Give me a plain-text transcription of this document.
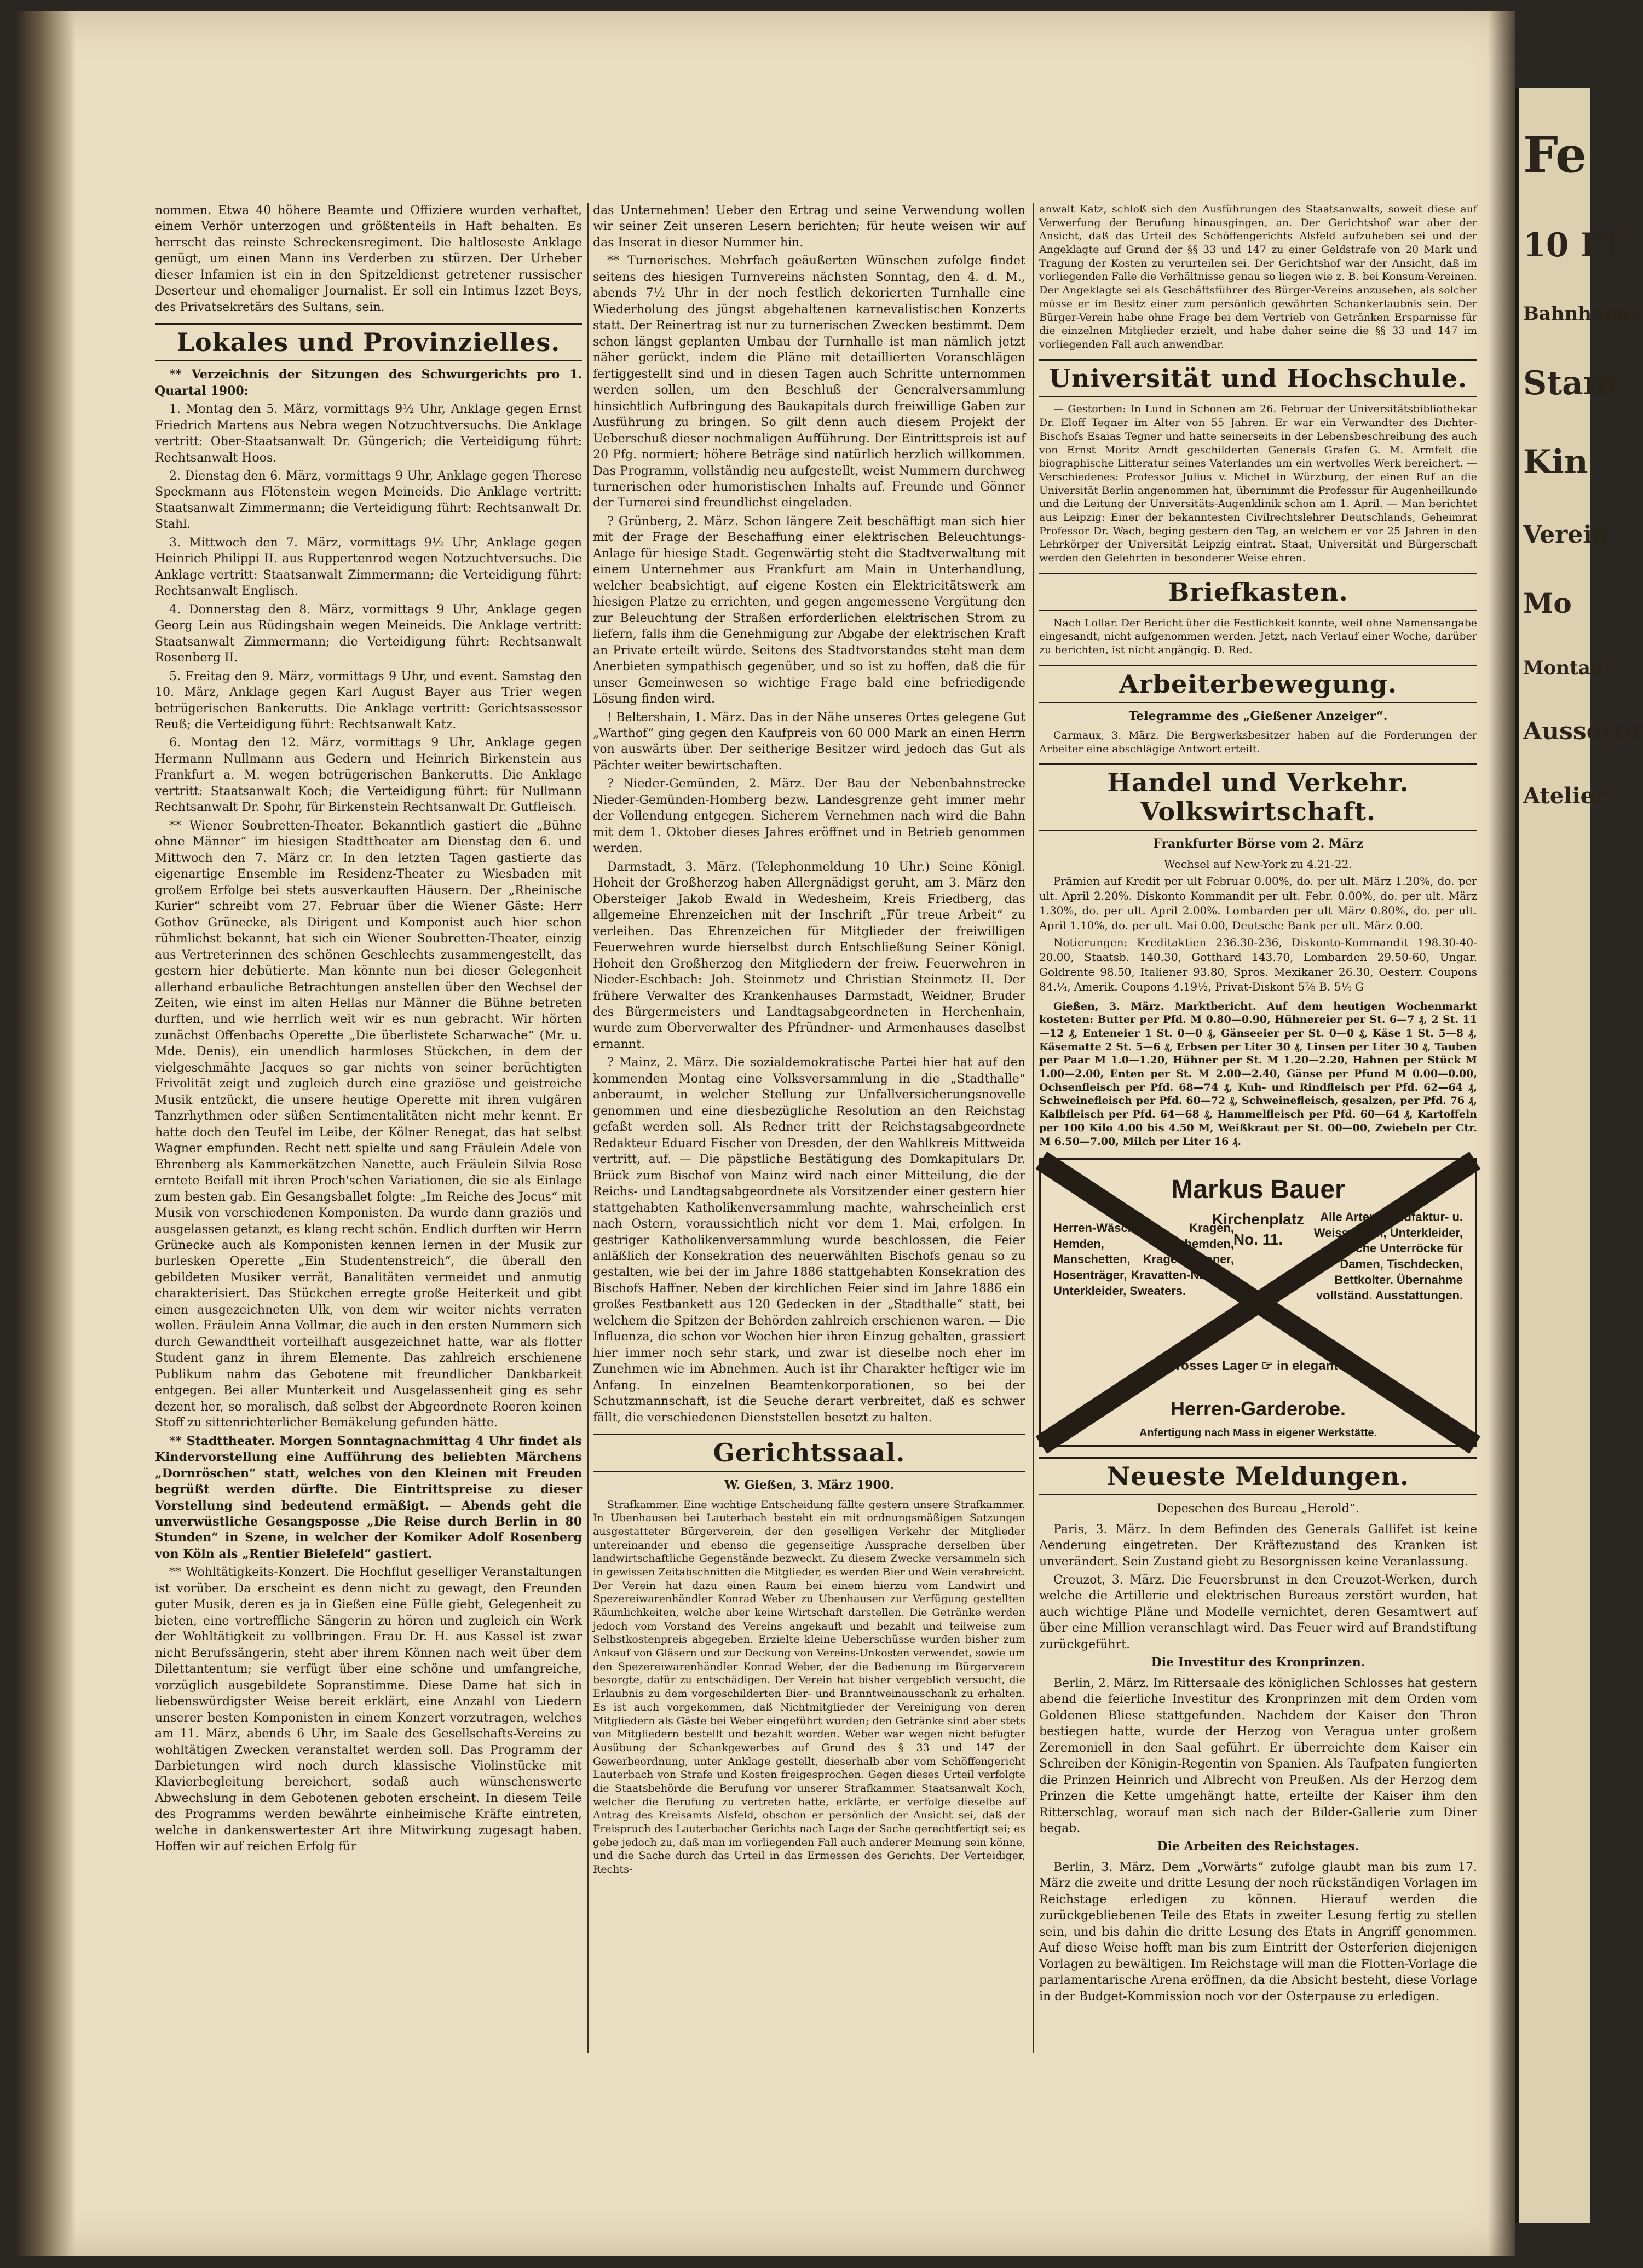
nommen. Etwa 40 höhere Beamte und Offiziere wurden verhaftet, einem Verhör unterzogen und größtenteils in Haft behalten. Es herrscht das reinste Schreckensregiment. Die haltloseste Anklage genügt, um einen Mann ins Verderben zu stürzen. Der Urheber dieser Infamien ist ein in den Spitzeldienst getretener russischer Deserteur und ehemaliger Journalist. Er soll ein Intimus Izzet Beys, des Privatsekretärs des Sultans, sein.

Lokales und Provinzielles.

** Verzeichnis der Sitzungen des Schwurgerichts pro 1. Quartal 1900:

1. Montag den 5. März, vormittags 9½ Uhr, Anklage gegen Ernst Friedrich Martens aus Nebra wegen Notzuchtversuchs. Die Anklage vertritt: Ober-Staatsanwalt Dr. Güngerich; die Verteidigung führt: Rechtsanwalt Hoos.

2. Dienstag den 6. März, vormittags 9 Uhr, Anklage gegen Therese Speckmann aus Flötenstein wegen Meineids. Die Anklage vertritt: Staatsanwalt Zimmermann; die Verteidigung führt: Rechtsanwalt Dr. Stahl.

3. Mittwoch den 7. März, vormittags 9½ Uhr, Anklage gegen Heinrich Philippi II. aus Ruppertenrod wegen Notzuchtversuchs. Die Anklage vertritt: Staatsanwalt Zimmermann; die Verteidigung führt: Rechtsanwalt Englisch.

4. Donnerstag den 8. März, vormittags 9 Uhr, Anklage gegen Georg Lein aus Rüdingshain wegen Meineids. Die Anklage vertritt: Staatsanwalt Zimmermann; die Verteidigung führt: Rechtsanwalt Rosenberg II.

5. Freitag den 9. März, vormittags 9 Uhr, und event. Samstag den 10. März, Anklage gegen Karl August Bayer aus Trier wegen betrügerischen Bankerutts. Die Anklage vertritt: Gerichtsassessor Reuß; die Verteidigung führt: Rechtsanwalt Katz.

6. Montag den 12. März, vormittags 9 Uhr, Anklage gegen Hermann Nullmann aus Gedern und Heinrich Birkenstein aus Frankfurt a. M. wegen betrügerischen Bankerutts. Die Anklage vertritt: Staatsanwalt Koch; die Verteidigung führt: für Nullmann Rechtsanwalt Dr. Spohr, für Birkenstein Rechtsanwalt Dr. Gutfleisch.

** Wiener Soubretten-Theater. Bekanntlich gastiert die „Bühne ohne Männer“ im hiesigen Stadttheater am Dienstag den 6. und Mittwoch den 7. März cr. In den letzten Tagen gastierte das eigenartige Ensemble im Residenz-Theater zu Wiesbaden mit großem Erfolge bei stets ausverkauften Häusern. Der „Rheinische Kurier“ schreibt vom 27. Februar über die Wiener Gäste: Herr Gothov Grünecke, als Dirigent und Komponist auch hier schon rühmlichst bekannt, hat sich ein Wiener Soubretten-Theater, einzig aus Vertreterinnen des schönen Geschlechts zusammengestellt, das gestern hier debütierte. Man könnte nun bei dieser Gelegenheit allerhand erbauliche Betrachtungen anstellen über den Wechsel der Zeiten, wie einst im alten Hellas nur Männer die Bühne betreten durften, und wie herrlich weit wir es nun gebracht. Wir hörten zunächst Offenbachs Operette „Die überlistete Scharwache“ (Mr. u. Mde. Denis), ein unendlich harmloses Stückchen, in dem der vielgeschmähte Jacques so gar nichts von seiner berüchtigten Frivolität zeigt und zugleich durch eine graziöse und geistreiche Musik entzückt, die unsere heutige Operette mit ihren vulgären Tanzrhythmen oder süßen Sentimentalitäten nicht mehr kennt. Er hatte doch den Teufel im Leibe, der Kölner Renegat, das hat selbst Wagner empfunden. Recht nett spielte und sang Fräulein Adele von Ehrenberg als Kammerkätzchen Nanette, auch Fräulein Silvia Rose erntete Beifall mit ihren Proch'schen Variationen, die sie als Einlage zum besten gab. Ein Gesangsballet folgte: „Im Reiche des Jocus“ mit Musik von verschiedenen Komponisten. Da wurde dann graziös und ausgelassen getanzt, es klang recht schön. Endlich durften wir Herrn Grünecke auch als Komponisten kennen lernen in der Musik zur burlesken Operette „Ein Studentenstreich“, die überall den gebildeten Musiker verrät, Banalitäten vermeidet und anmutig charakterisiert. Das Stückchen erregte große Heiterkeit und gibt einen ausgezeichneten Ulk, von dem wir weiter nichts verraten wollen. Fräulein Anna Vollmar, die auch in den ersten Nummern sich durch Gewandtheit vorteilhaft ausgezeichnet hatte, war als flotter Student ganz in ihrem Elemente. Das zahlreich erschienene Publikum nahm das Gebotene mit freundlicher Dankbarkeit entgegen. Bei aller Munterkeit und Ausgelassenheit ging es sehr dezent her, so moralisch, daß selbst der Abgeordnete Roeren keinen Stoff zu sittenrichterlicher Bemäkelung gefunden hätte.

** Stadttheater. Morgen Sonntagnachmittag 4 Uhr findet als Kindervorstellung eine Aufführung des beliebten Märchens „Dornröschen“ statt, welches von den Kleinen mit Freuden begrüßt werden dürfte. Die Eintrittspreise zu dieser Vorstellung sind bedeutend ermäßigt. — Abends geht die unverwüstliche Gesangsposse „Die Reise durch Berlin in 80 Stunden“ in Szene, in welcher der Komiker Adolf Rosenberg von Köln als „Rentier Bielefeld“ gastiert.

** Wohltätigkeits-Konzert. Die Hochflut geselliger Veranstaltungen ist vorüber. Da erscheint es denn nicht zu gewagt, den Freunden guter Musik, deren es ja in Gießen eine Fülle giebt, Gelegenheit zu bieten, eine vortreffliche Sängerin zu hören und zugleich ein Werk der Wohltätigkeit zu vollbringen. Frau Dr. H. aus Kassel ist zwar nicht Berufssängerin, steht aber ihrem Können nach weit über dem Dilettantentum; sie verfügt über eine schöne und umfangreiche, vorzüglich ausgebildete Sopranstimme. Diese Dame hat sich in liebenswürdigster Weise bereit erklärt, eine Anzahl von Liedern unserer besten Komponisten in einem Konzert vorzutragen, welches am 11. März, abends 6 Uhr, im Saale des Gesellschafts-Vereins zu wohltätigen Zwecken veranstaltet werden soll. Das Programm der Darbietungen wird noch durch klassische Violinstücke mit Klavierbegleitung bereichert, sodaß auch wünschenswerte Abwechslung in dem Gebotenen geboten erscheint. In diesem Teile des Programms werden bewährte einheimische Kräfte eintreten, welche in dankenswertester Art ihre Mitwirkung zugesagt haben. Hoffen wir auf reichen Erfolg für

das Unternehmen! Ueber den Ertrag und seine Verwendung wollen wir seiner Zeit unseren Lesern berichten; für heute weisen wir auf das Inserat in dieser Nummer hin.

** Turnerisches. Mehrfach geäußerten Wünschen zufolge findet seitens des hiesigen Turnvereins nächsten Sonntag, den 4. d. M., abends 7½ Uhr in der noch festlich dekorierten Turnhalle eine Wiederholung des jüngst abgehaltenen karnevalistischen Konzerts statt. Der Reinertrag ist nur zu turnerischen Zwecken bestimmt. Dem schon längst geplanten Umbau der Turnhalle ist man nämlich jetzt näher gerückt, indem die Pläne mit detaillierten Voranschlägen fertiggestellt sind und in diesen Tagen auch Schritte unternommen werden sollen, um den Beschluß der Generalversammlung hinsichtlich Aufbringung des Baukapitals durch freiwillige Gaben zur Ausführung zu bringen. So gilt denn auch diesem Projekt der Ueberschuß dieser nochmaligen Aufführung. Der Eintrittspreis ist auf 20 Pfg. normiert; höhere Beträge sind natürlich herzlich willkommen. Das Programm, vollständig neu aufgestellt, weist Nummern durchweg turnerischen oder humoristischen Inhalts auf. Freunde und Gönner der Turnerei sind freundlichst eingeladen.

? Grünberg, 2. März. Schon längere Zeit beschäftigt man sich hier mit der Frage der Beschaffung einer elektrischen Beleuchtungs-Anlage für hiesige Stadt. Gegenwärtig steht die Stadtverwaltung mit einem Unternehmer aus Frankfurt am Main in Unterhandlung, welcher beabsichtigt, auf eigene Kosten ein Elektricitätswerk am hiesigen Platze zu errichten, und gegen angemessene Vergütung den zur Beleuchtung der Straßen erforderlichen elektrischen Strom zu liefern, falls ihm die Genehmigung zur Abgabe der elektrischen Kraft an Private erteilt würde. Seitens des Stadtvorstandes steht man dem Anerbieten sympathisch gegenüber, und so ist zu hoffen, daß die für unser Gemeinwesen so wichtige Frage bald eine befriedigende Lösung finden wird.

! Beltershain, 1. März. Das in der Nähe unseres Ortes gelegene Gut „Warthof“ ging gegen den Kaufpreis von 60 000 Mark an einen Herrn von auswärts über. Der seitherige Besitzer wird jedoch das Gut als Pächter weiter bewirtschaften.

? Nieder-Gemünden, 2. März. Der Bau der Nebenbahnstrecke Nieder-Gemünden-Homberg bezw. Landesgrenze geht immer mehr der Vollendung entgegen. Sicherem Vernehmen nach wird die Bahn mit dem 1. Oktober dieses Jahres eröffnet und in Betrieb genommen werden.

Darmstadt, 3. März. (Telephonmeldung 10 Uhr.) Seine Königl. Hoheit der Großherzog haben Allergnädigst geruht, am 3. März den Obersteiger Jakob Ewald in Wedesheim, Kreis Friedberg, das allgemeine Ehrenzeichen mit der Inschrift „Für treue Arbeit“ zu verleihen. Das Ehrenzeichen für Mitglieder der freiwilligen Feuerwehren wurde hierselbst durch Entschließung Seiner Königl. Hoheit den Großherzog den Mitgliedern der freiw. Feuerwehren in Nieder-Eschbach: Joh. Steinmetz und Christian Steinmetz II. Der frühere Verwalter des Krankenhauses Darmstadt, Weidner, Bruder des Bürgermeisters und Landtagsabgeordneten in Herchenhain, wurde zum Oberverwalter des Pfründner- und Armenhauses daselbst ernannt.

? Mainz, 2. März. Die sozialdemokratische Partei hier hat auf den kommenden Montag eine Volksversammlung in die „Stadthalle“ anberaumt, in welcher Stellung zur Unfallversicherungsnovelle genommen und eine diesbezügliche Resolution an den Reichstag gefaßt werden soll. Als Redner tritt der Reichstagsabgeordnete Redakteur Eduard Fischer von Dresden, der den Wahlkreis Mittweida vertritt, auf. — Die päpstliche Bestätigung des Domkapitulars Dr. Brück zum Bischof von Mainz wird nach einer Mitteilung, die der Reichs- und Landtagsabgeordnete als Vorsitzender einer gestern hier stattgehabten Katholikenversammlung machte, wahrscheinlich erst nach Ostern, voraussichtlich nicht vor dem 1. Mai, erfolgen. In gestriger Katholikenversammlung wurde beschlossen, die Feier anläßlich der Konsekration des neuerwählten Bischofs genau so zu gestalten, wie bei der im Jahre 1886 stattgehabten Konsekration des Bischofs Haffner. Neben der kirchlichen Feier sind im Jahre 1886 ein großes Festbankett aus 120 Gedecken in der „Stadthalle“ statt, bei welchem die Spitzen der Behörden zahlreich erschienen waren. — Die Influenza, die schon vor Wochen hier ihren Einzug gehalten, grassiert hier immer noch sehr stark, und zwar ist dieselbe noch eher im Zunehmen wie im Abnehmen. Auch ist ihr Charakter heftiger wie im Anfang. In einzelnen Beamtenkorporationen, so bei der Schutzmannschaft, ist die Seuche derart verbreitet, daß es schwer fällt, die verschiedenen Dienststellen besetzt zu halten.

Gerichtssaal.
W. Gießen, 3. März 1900.

Strafkammer. Eine wichtige Entscheidung fällte gestern unsere Strafkammer. In Ubenhausen bei Lauterbach besteht ein mit ordnungsmäßigen Satzungen ausgestatteter Bürgerverein, der den geselligen Verkehr der Mitglieder untereinander und ebenso die gegenseitige Aussprache derselben über landwirtschaftliche Gegenstände bezweckt. Zu diesem Zwecke versammeln sich in gewissen Zeitabschnitten die Mitglieder, es werden Bier und Wein verabreicht. Der Verein hat dazu einen Raum bei einem hierzu vom Landwirt und Spezereiwarenhändler Konrad Weber zu Ubenhausen zur Verfügung gestellten Räumlichkeiten, welche aber keine Wirtschaft darstellen. Die Getränke werden jedoch vom Vorstand des Vereins angekauft und bezahlt und teilweise zum Selbstkostenpreis abgegeben. Erzielte kleine Ueberschüsse wurden bisher zum Ankauf von Gläsern und zur Deckung von Vereins-Unkosten verwendet, sowie um den Spezereiwarenhändler Konrad Weber, der die Bedienung im Bürgerverein besorgte, dafür zu entschädigen. Der Verein hat bisher vergeblich versucht, die Erlaubnis zu dem vorgeschilderten Bier- und Branntweinausschank zu erhalten. Es ist auch vorgekommen, daß Nichtmitglieder der Vereinigung von deren Mitgliedern als Gäste bei Weber eingeführt wurden; den Getränke sind aber stets von Mitgliedern bestellt und bezahlt worden. Weber war wegen nicht befugter Ausübung der Schankgewerbes auf Grund des § 33 und 147 der Gewerbeordnung, unter Anklage gestellt, dieserhalb aber vom Schöffengericht Lauterbach von Strafe und Kosten freigesprochen. Gegen dieses Urteil verfolgte die Staatsbehörde die Berufung vor unserer Strafkammer. Staatsanwalt Koch, welcher die Berufung zu vertreten hatte, erklärte, er verfolge dieselbe auf Antrag des Kreisamts Alsfeld, obschon er persönlich der Ansicht sei, daß der Freispruch des Lauterbacher Gerichts nach Lage der Sache gerechtfertigt sei; es gebe jedoch zu, daß man im vorliegenden Fall auch anderer Meinung sein könne, und die Sache durch das Urteil in das Ermessen des Gerichts. Der Verteidiger, Rechts-

anwalt Katz, schloß sich den Ausführungen des Staatsanwalts, soweit diese auf Verwerfung der Berufung hinausgingen, an. Der Gerichtshof war aber der Ansicht, daß das Urteil des Schöffengerichts Alsfeld aufzuheben sei und der Angeklagte auf Grund der §§ 33 und 147 zu einer Geldstrafe von 20 Mark und Tragung der Kosten zu verurteilen sei. Der Gerichtshof war der Ansicht, daß im vorliegenden Falle die Verhältnisse genau so liegen wie z. B. bei Konsum-Vereinen. Der Angeklagte sei als Geschäftsführer des Bürger-Vereins anzusehen, als solcher müsse er im Besitz einer zum persönlich gewährten Schankerlaubnis sein. Der Bürger-Verein habe ohne Frage bei dem Vertrieb von Getränken Ersparnisse für die einzelnen Mitglieder erzielt, und habe daher seine die §§ 33 und 147 im vorliegenden Fall auch anwendbar.

Universität und Hochschule.

— Gestorben: In Lund in Schonen am 26. Februar der Universitätsbibliothekar Dr. Eloff Tegner im Alter von 55 Jahren. Er war ein Verwandter des Dichter-Bischofs Esaias Tegner und hatte seinerseits in der Lebensbeschreibung des auch von Ernst Moritz Arndt geschilderten Generals Grafen G. M. Armfelt die biographische Litteratur seines Vaterlandes um ein wertvolles Werk bereichert. — Verschiedenes: Professor Julius v. Michel in Würzburg, der einen Ruf an die Universität Berlin angenommen hat, übernimmt die Professur für Augenheilkunde und die Leitung der Universitäts-Augenklinik schon am 1. April. — Man berichtet aus Leipzig: Einer der bekanntesten Civilrechtslehrer Deutschlands, Geheimrat Professor Dr. Wach, beging gestern den Tag, an welchem er vor 25 Jahren in den Lehrkörper der Universität Leipzig eintrat. Staat, Universität und Bürgerschaft werden den Gelehrten in besonderer Weise ehren.

Briefkasten.

Nach Lollar. Der Bericht über die Festlichkeit konnte, weil ohne Namensangabe eingesandt, nicht aufgenommen werden. Jetzt, nach Verlauf einer Woche, darüber zu berichten, ist nicht angängig. D. Red.

Arbeiterbewegung.
Telegramme des „Gießener Anzeiger“.

Carmaux, 3. März. Die Bergwerksbesitzer haben auf die Forderungen der Arbeiter eine abschlägige Antwort erteilt.

Handel und Verkehr. Volkswirtschaft.
Frankfurter Börse vom 2. März

Wechsel auf New-York zu 4.21-22.

Prämien auf Kredit per ult Februar 0.00%, do. per ult. März 1.20%, do. per ult. April 2.20%. Diskonto Kommandit per ult. Febr. 0.00%, do. per ult. März 1.30%, do. per ult. April 2.00%. Lombarden per ult März 0.80%, do. per ult. April 1.10%, do. per ult. Mai 0.00, Deutsche Bank per ult. März 0.00.

Notierungen: Kreditaktien 236.30-236, Diskonto-Kommandit 198.30-40-20.00, Staatsb. 140.30, Gotthard 143.70, Lombarden 29.50-60, Ungar. Goldrente 98.50, Italiener 93.80, Spros. Mexikaner 26.30, Oesterr. Coupons 84.¼, Amerik. Coupons 4.19½, Privat-Diskont 5⅞ B. 5¼ G

Gießen, 3. März. Marktbericht. Auf dem heutigen Wochenmarkt kosteten: Butter per Pfd. M 0.80—0.90, Hühnereier per St. 6—7 ₰, 2 St. 11—12 ₰, Enteneier 1 St. 0—0 ₰, Gänseeier per St. 0—0 ₰, Käse 1 St. 5—8 ₰, Käsematte 2 St. 5—6 ₰, Erbsen per Liter 30 ₰, Linsen per Liter 30 ₰, Tauben per Paar M 1.0—1.20, Hühner per St. M 1.20—2.20, Hahnen per Stück M 1.00—2.00, Enten per St. M 2.00—2.40, Gänse per Pfund M 0.00—0.00, Ochsenfleisch per Pfd. 68—74 ₰, Kuh- und Rindfleisch per Pfd. 62—64 ₰, Schweinefleisch per Pfd. 60—72 ₰, Schweinefleisch, gesalzen, per Pfd. 76 ₰, Kalbfleisch per Pfd. 64—68 ₰, Hammelfleisch per Pfd. 60—64 ₰, Kartoffeln per 100 Kilo 4.00 bis 4.50 M, Weißkraut per St. 00—00, Zwiebeln per Ctr. M 6.50—7.00, Milch per Liter 16 ₰.

Markus Bauer
Kirchenplatz
No. 11.
Herren-Wäsche, Kragen, Hemden, Vorhemden, Manschetten, Kragenschoner, Hosenträger, Kravatten-Nadeln, Unterkleider, Sweaters.
Alle Arten Manufaktur- u. Weisswaren, Unterkleider, Wäsche Unterröcke für Damen, Tischdecken, Bettkolter. Übernahme vollständ. Ausstattungen.
Grosses Lager ☞ in eleganter
Herren-Garderobe.
Anfertigung nach Mass in eigener Werkstätte.
Neueste Meldungen.
Depeschen des Bureau „Herold“.

Paris, 3. März. In dem Befinden des Generals Gallifet ist keine Aenderung eingetreten. Der Kräftezustand des Kranken ist unverändert. Sein Zustand giebt zu Besorgnissen keine Veranlassung.

Creuzot, 3. März. Die Feuersbrunst in den Creuzot-Werken, durch welche die Artillerie und elektrischen Bureaus zerstört wurden, hat auch wichtige Pläne und Modelle vernichtet, deren Gesamtwert auf über eine Million veranschlagt wird. Das Feuer wird auf Brandstiftung zurückgeführt.

Die Investitur des Kronprinzen.

Berlin, 2. März. Im Rittersaale des königlichen Schlosses hat gestern abend die feierliche Investitur des Kronprinzen mit dem Orden vom Goldenen Bliese stattgefunden. Nachdem der Kaiser den Thron bestiegen hatte, wurde der Herzog von Veragua unter großem Zeremoniell in den Saal geführt. Er überreichte dem Kaiser ein Schreiben der Königin-Regentin von Spanien. Als Taufpaten fungierten die Prinzen Heinrich und Albrecht von Preußen. Als der Herzog dem Prinzen die Kette umgehängt hatte, erteilte der Kaiser ihm den Ritterschlag, worauf man sich nach der Bilder-Gallerie zum Diner begab.

Die Arbeiten des Reichstages.

Berlin, 3. März. Dem „Vorwärts“ zufolge glaubt man bis zum 17. März die zweite und dritte Lesung der noch rückständigen Vorlagen im Reichstage erledigen zu können. Hierauf werden die zurückgebliebenen Teile des Etats in zweiter Lesung fertig zu stellen sein, und bis dahin die dritte Lesung des Etats in Angriff genommen. Auf diese Weise hofft man bis zum Eintritt der Osterferien diejenigen Vorlagen zu bewältigen. Im Reichstage will man die Flotten-Vorlage die parlamentarische Arena eröffnen, da die Absicht besteht, diese Vorlage in der Budget-Kommission noch vor der Osterpause zu erledigen.

Fe
10 Pf
Bahnhofstr
Stam
Kin
Verein
Mo
Montag
Ausseror
Atelier
